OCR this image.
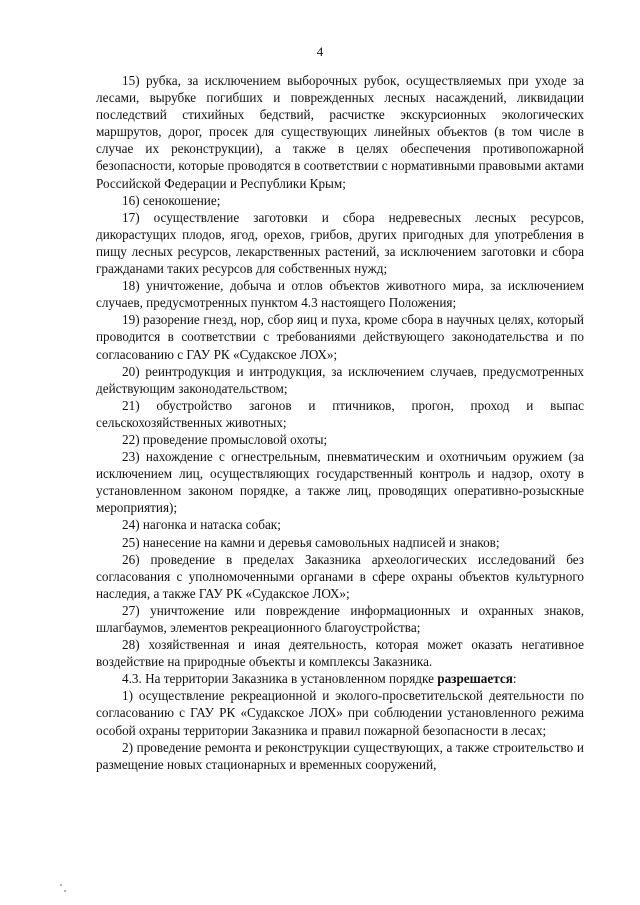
4

15) рубка, за исключением выборочных рубок, осуществляемых при уходе за лесами, вырубке погибших и поврежденных лесных насаждений, ликвидации последствий стихийных бедствий, расчистке экскурсионных экологических маршрутов, дорог, просек для существующих линейных объектов (в том числе в случае их реконструкции), а также в целях обеспечения противопожарной безопасности, которые проводятся в соответствии с нормативными правовыми актами Российской Федерации и Республики Крым;

16) сенокошение;

17) осуществление заготовки и сбора недревесных лесных ресурсов, дикорастущих плодов, ягод, орехов, грибов, других пригодных для употребления в пищу лесных ресурсов, лекарственных растений, за исключением заготовки и сбора гражданами таких ресурсов для собственных нужд;

18) уничтожение, добыча и отлов объектов животного мира, за исключением случаев, предусмотренных пунктом 4.3 настоящего Положения;

19) разорение гнезд, нор, сбор яиц и пуха, кроме сбора в научных целях, который проводится в соответствии с требованиями действующего законодательства и по согласованию с ГАУ РК «Судакское ЛОХ»;

20) реинтродукция и интродукция, за исключением случаев, предусмотренных действующим законодательством;

21) обустройство загонов и птичников, прогон, проход и выпас сельскохозяйственных животных;

22) проведение промысловой охоты;

23) нахождение с огнестрельным, пневматическим и охотничьим оружием (за исключением лиц, осуществляющих государственный контроль и надзор, охоту в установленном законом порядке, а также лиц, проводящих оперативно-розыскные мероприятия);

24) нагонка и натаска собак;

25) нанесение на камни и деревья самовольных надписей и знаков;

26) проведение в пределах Заказника археологических исследований без согласования с уполномоченными органами в сфере охраны объектов культурного наследия, а также ГАУ РК «Судакское ЛОХ»;

27) уничтожение или повреждение информационных и охранных знаков, шлагбаумов, элементов рекреационного благоустройства;

28) хозяйственная и иная деятельность, которая может оказать негативное воздействие на природные объекты и комплексы Заказника.

4.3. На территории Заказника в установленном порядке разрешается:

1) осуществление рекреационной и эколого-просветительской деятельности по согласованию с ГАУ РК «Судакское ЛОХ» при соблюдении установленного режима особой охраны территории Заказника и правил пожарной безопасности в лесах;

2) проведение ремонта и реконструкции существующих, а также строительство и размещение новых стационарных и временных сооружений,
